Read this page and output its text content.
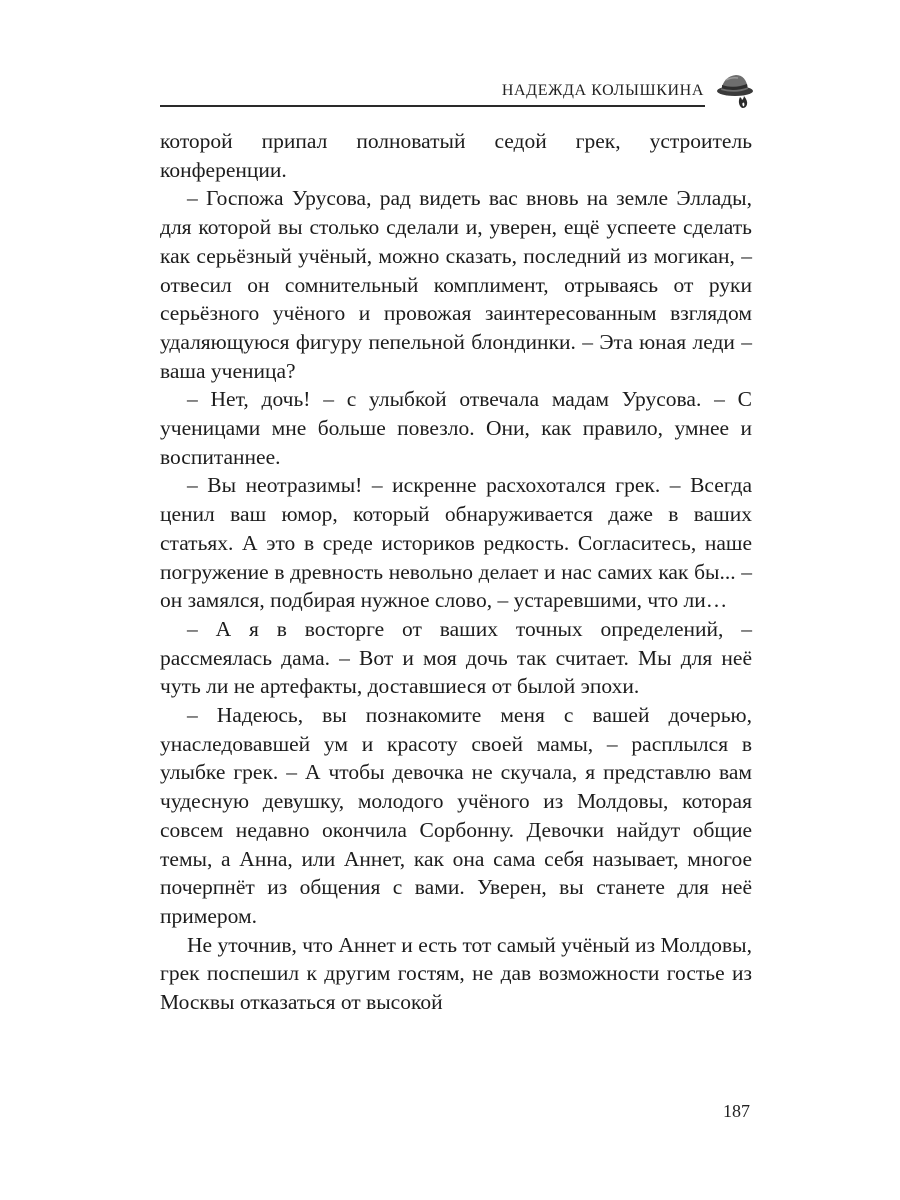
НАДЕЖДА КОЛЫШКИНА

которой припал полноватый седой грек, устроитель конференции.

– Госпожа Урусова, рад видеть вас вновь на земле Эллады, для которой вы столько сделали и, уверен, ещё успеете сделать как серьёзный учёный, можно сказать, последний из могикан, – отвесил он сомнительный комплимент, отрываясь от руки серьёзного учёного и провожая заинтересованным взглядом удаляющуюся фигуру пепельной блондинки. – Эта юная леди – ваша ученица?

– Нет, дочь! – с улыбкой отвечала мадам Урусова. – С ученицами мне больше повезло. Они, как правило, умнее и воспитаннее.

– Вы неотразимы! – искренне расхохотался грек. – Всегда ценил ваш юмор, который обнаруживается даже в ваших статьях. А это в среде историков редкость. Согласитесь, наше погружение в древность невольно делает и нас самих как бы... – он замялся, подбирая нужное слово, – устаревшими, что ли…

– А я в восторге от ваших точных определений, – рассмеялась дама. – Вот и моя дочь так считает. Мы для неё чуть ли не артефакты, доставшиеся от былой эпохи.

– Надеюсь, вы познакомите меня с вашей дочерью, унаследовавшей ум и красоту своей мамы, – расплылся в улыбке грек. – А чтобы девочка не скучала, я представлю вам чудесную девушку, молодого учёного из Молдовы, которая совсем недавно окончила Сорбонну. Девочки найдут общие темы, а Анна, или Аннет, как она сама себя называет, многое почерпнёт из общения с вами. Уверен, вы станете для неё примером.

Не уточнив, что Аннет и есть тот самый учёный из Молдовы, грек поспешил к другим гостям, не дав возможности гостье из Москвы отказаться от высокой

187
